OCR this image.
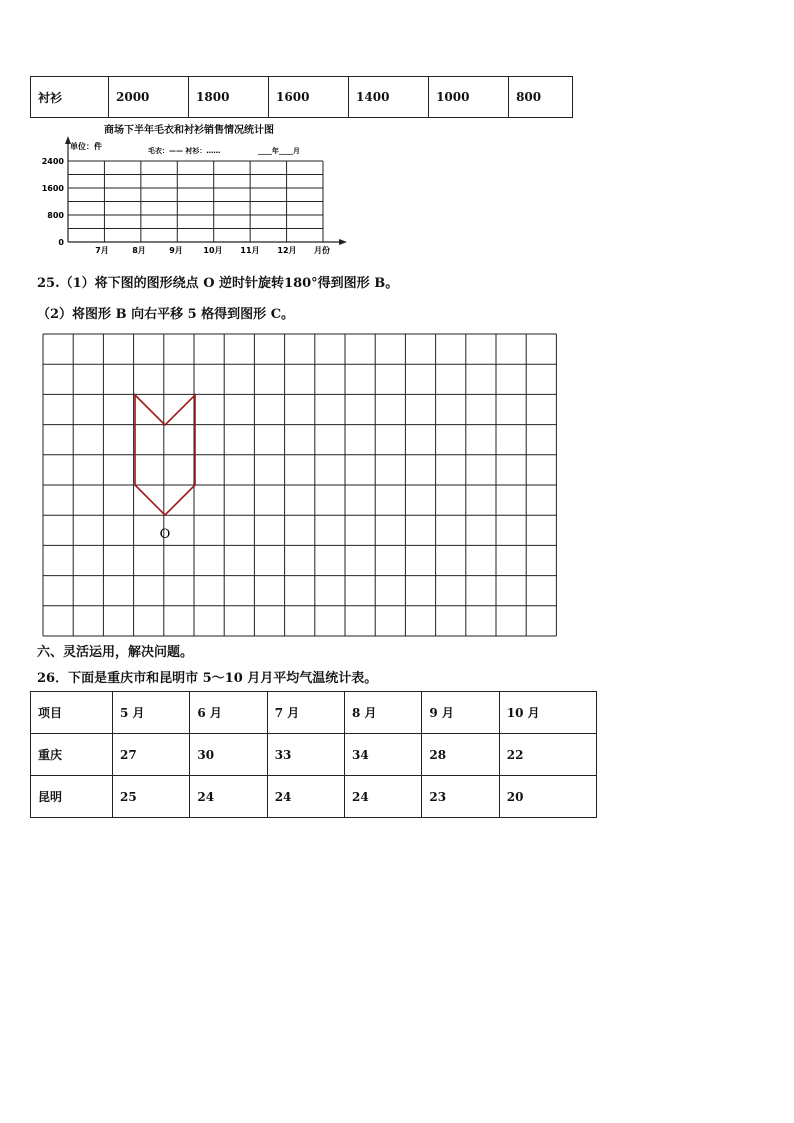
衬衫	2000	1800	1600	1400	1000	800
商场下半年毛衣和衬衫销售情况统计图
单位：件	毛衣：—— 衬衫：……	____年____月
2400
1600
800
0
7月	8月	9月	10月 11月 12月 月份
25.（1）将下图的图形绕点 O 逆时针旋转180°得到图形 B。
（2）将图形 B 向右平移 5 格得到图形 C。
O
六、灵活运用，解决问题。
26．下面是重庆市和昆明市 5～10 月月平均气温统计表。
项目	5 月	6 月	7 月	8 月	9 月	10 月
重庆	27	30	33	34	28	22
昆明	25	24	24	24	23	20
